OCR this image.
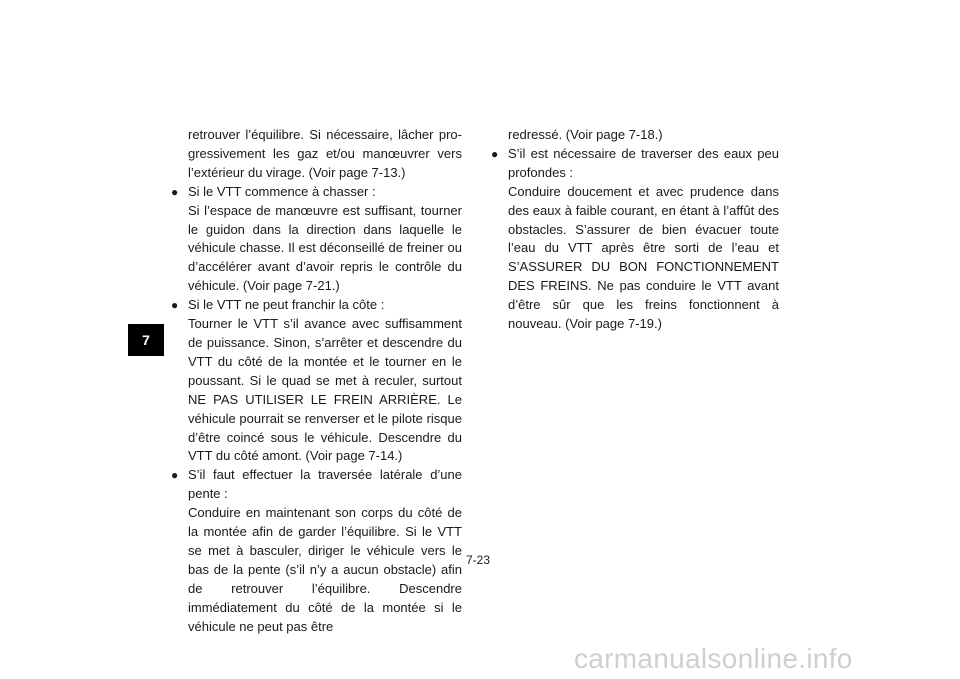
7
retrouver l’équilibre. Si nécessaire, lâcher progressivement les gaz et/ou manœuvrer vers l’extérieur du virage. (Voir page 7-13.)
● Si le VTT commence à chasser :
Si l’espace de manœuvre est suffisant, tourner le guidon dans la direction dans laquelle le véhicule chasse. Il est déconseillé de freiner ou d’accélérer avant d’avoir repris le contrôle du véhicule. (Voir page 7-21.)
● Si le VTT ne peut franchir la côte :
Tourner le VTT s’il avance avec suffisamment de puissance. Sinon, s’arrêter et descendre du VTT du côté de la montée et le tourner en le poussant. Si le quad se met à reculer, surtout NE PAS UTILISER LE FREIN ARRIÈRE. Le véhicule pourrait se renverser et le pilote risque d’être coincé sous le véhicule. Descendre du VTT du côté amont. (Voir page 7-14.)
● S’il faut effectuer la traversée latérale d’une pente :
Conduire en maintenant son corps du côté de la montée afin de garder l’équilibre. Si le VTT se met à basculer, diriger le véhicule vers le bas de la pente (s’il n’y a aucun obstacle) afin de retrouver l’équilibre. Descendre immédiatement du côté de la montée si le véhicule ne peut pas être
redressé. (Voir page 7-18.)
● S’il est nécessaire de traverser des eaux peu profondes :
Conduire doucement et avec prudence dans des eaux à faible courant, en étant à l’affût des obstacles. S’assurer de bien évacuer toute l’eau du VTT après être sorti de l’eau et S’ASSURER DU BON FONCTIONNEMENT DES FREINS. Ne pas conduire le VTT avant d’être sûr que les freins fonctionnent à nouveau. (Voir page 7-19.)
7-23
carmanualsonline.info
